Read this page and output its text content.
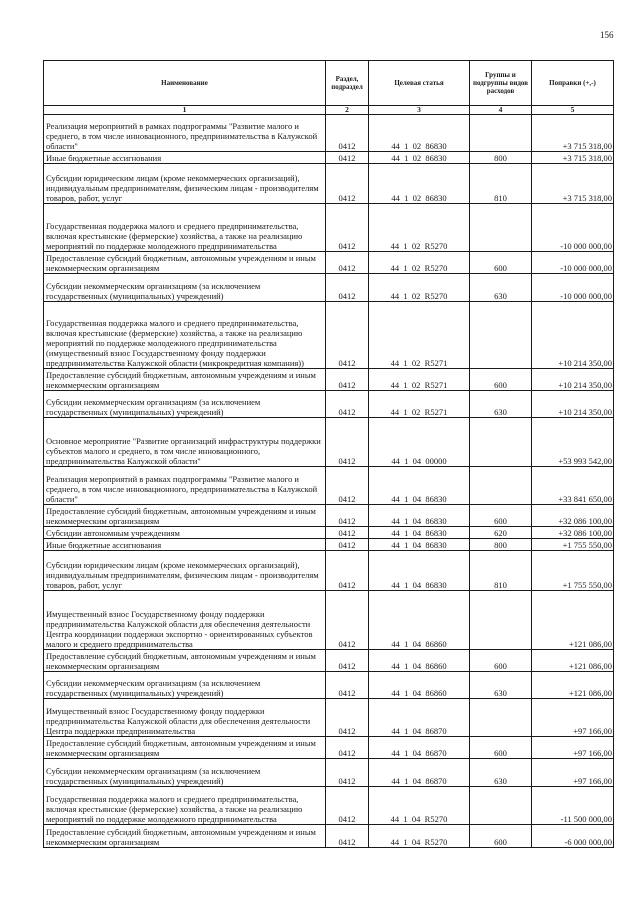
156
Наименование	Раздел, подраздел	Целевая статья	Группы и подгруппы видов расходов	Поправки (+,-)
1	2	3	4	5
Реализация мероприятий в рамках подпрограммы "Развитие малого и среднего, в том числе инновационного, предпринимательства в Калужской области"	0412	44  1  02  86830		+3 715 318,00
Иные бюджетные ассигнования	0412	44  1  02  86830	800	+3 715 318,00
Субсидии юридическим лицам (кроме некоммерческих организаций), индивидуальным предпринимателям, физическим лицам - производителям товаров, работ, услуг	0412	44  1  02  86830	810	+3 715 318,00
Государственная поддержка малого и среднего предпринимательства, включая крестьянские (фермерские) хозяйства, а также на реализацию мероприятий по поддержке молодежного предпринимательства	0412	44  1  02  R5270		-10 000 000,00
Предоставление субсидий бюджетным, автономным учреждениям и иным некоммерческим организациям	0412	44  1  02  R5270	600	-10 000 000,00
Субсидии некоммерческим организациям (за исключением государственных (муниципальных) учреждений)	0412	44  1  02  R5270	630	-10 000 000,00
Государственная поддержка малого и среднего предпринимательства, включая крестьянские (фермерские) хозяйства, а также на реализацию мероприятий по поддержке молодежного предпринимательства (имущественный взнос Государственному фонду поддержки предпринимательства Калужской области (микрокредитная компания))	0412	44  1  02  R5271		+10 214 350,00
Предоставление субсидий бюджетным, автономным учреждениям и иным некоммерческим организациям	0412	44  1  02  R5271	600	+10 214 350,00
Субсидии некоммерческим организациям (за исключением государственных (муниципальных) учреждений)	0412	44  1  02  R5271	630	+10 214 350,00
Основное мероприятие "Развитие организаций инфраструктуры поддержки субъектов малого и среднего, в том числе инновационного, предпринимательства Калужской области"	0412	44  1  04  00000		+53 993 542,00
Реализация мероприятий в рамках подпрограммы "Развитие малого и среднего, в том числе инновационного, предпринимательства в Калужской области"	0412	44  1  04  86830		+33 841 650,00
Предоставление субсидий бюджетным, автономным учреждениям и иным некоммерческим организациям	0412	44  1  04  86830	600	+32 086 100,00
Субсидии автономным учреждениям	0412	44  1  04  86830	620	+32 086 100,00
Иные бюджетные ассигнования	0412	44  1  04  86830	800	+1 755 550,00
Субсидии юридическим лицам (кроме некоммерческих организаций), индивидуальным предпринимателям, физическим лицам - производителям товаров, работ, услуг	0412	44  1  04  86830	810	+1 755 550,00
Имущественный взнос Государственному фонду поддержки предпринимательства Калужской области для обеспечения деятельности Центра координации поддержки экспортно - ориентированных субъектов малого и среднего предпринимательства	0412	44  1  04  86860		+121 086,00
Предоставление субсидий бюджетным, автономным учреждениям и иным некоммерческим организациям	0412	44  1  04  86860	600	+121 086,00
Субсидии некоммерческим организациям (за исключением государственных (муниципальных) учреждений)	0412	44  1  04  86860	630	+121 086,00
Имущественный взнос Государственному фонду поддержки предпринимательства Калужской области для обеспечения деятельности Центра поддержки предпринимательства	0412	44  1  04  86870		+97 166,00
Предоставление субсидий бюджетным, автономным учреждениям и иным некоммерческим организациям	0412	44  1  04  86870	600	+97 166,00
Субсидии некоммерческим организациям (за исключением государственных (муниципальных) учреждений)	0412	44  1  04  86870	630	+97 166,00
Государственная поддержка малого и среднего предпринимательства, включая крестьянские (фермерские) хозяйства, а также на реализацию мероприятий по поддержке молодежного предпринимательства	0412	44  1  04  R5270		-11 500 000,00
Предоставление субсидий бюджетным, автономным учреждениям и иным некоммерческим организациям	0412	44  1  04  R5270	600	-6 000 000,00
